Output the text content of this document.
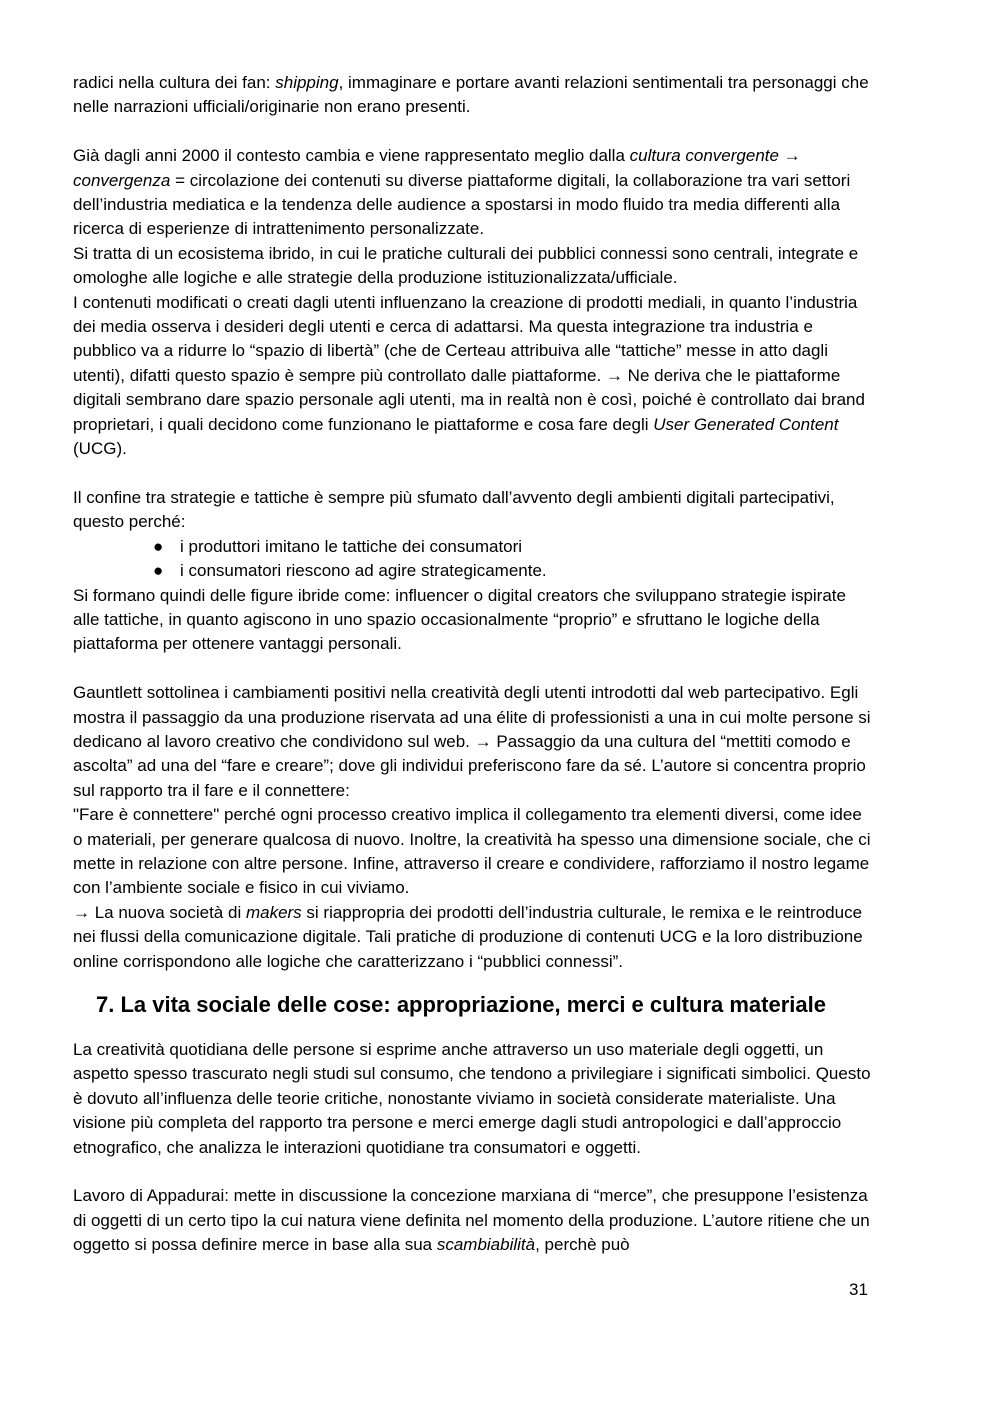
radici nella cultura dei fan: shipping, immaginare e portare avanti relazioni sentimentali tra personaggi che nelle narrazioni ufficiali/originarie non erano presenti.

Già dagli anni 2000 il contesto cambia e viene rappresentato meglio dalla cultura convergente → convergenza = circolazione dei contenuti su diverse piattaforme digitali, la collaborazione tra vari settori dell’industria mediatica e la tendenza delle audience a spostarsi in modo fluido tra media differenti alla ricerca di esperienze di intrattenimento personalizzate.

Si tratta di un ecosistema ibrido, in cui le pratiche culturali dei pubblici connessi sono centrali, integrate e omologhe alle logiche e alle strategie della produzione istituzionalizzata/ufficiale.

I contenuti modificati o creati dagli utenti influenzano la creazione di prodotti mediali, in quanto l’industria dei media osserva i desideri degli utenti e cerca di adattarsi. Ma questa integrazione tra industria e pubblico va a ridurre lo “spazio di libertà” (che de Certeau attribuiva alle “tattiche” messe in atto dagli utenti), difatti questo spazio è sempre più controllato dalle piattaforme. → Ne deriva che le piattaforme digitali sembrano dare spazio personale agli utenti, ma in realtà non è così, poiché è controllato dai brand proprietari, i quali decidono come funzionano le piattaforme e cosa fare degli User Generated Content (UCG).

Il confine tra strategie e tattiche è sempre più sfumato dall’avvento degli ambienti digitali partecipativi, questo perché:

● i produttori imitano le tattiche dei consumatori
● i consumatori riescono ad agire strategicamente.

Si formano quindi delle figure ibride come: influencer o digital creators che sviluppano strategie ispirate alle tattiche, in quanto agiscono in uno spazio occasionalmente “proprio” e sfruttano le logiche della piattaforma per ottenere vantaggi personali.

Gauntlett sottolinea i cambiamenti positivi nella creatività degli utenti introdotti dal web partecipativo. Egli mostra il passaggio da una produzione riservata ad una élite di professionisti a una in cui molte persone si dedicano al lavoro creativo che condividono sul web. → Passaggio da una cultura del “mettiti comodo e ascolta” ad una del “fare e creare”; dove gli individui preferiscono fare da sé. L’autore si concentra proprio sul rapporto tra il fare e il connettere:

"Fare è connettere" perché ogni processo creativo implica il collegamento tra elementi diversi, come idee o materiali, per generare qualcosa di nuovo. Inoltre, la creatività ha spesso una dimensione sociale, che ci mette in relazione con altre persone. Infine, attraverso il creare e condividere, rafforziamo il nostro legame con l’ambiente sociale e fisico in cui viviamo.

→ La nuova società di makers si riappropria dei prodotti dell’industria culturale, le remixa e le reintroduce nei flussi della comunicazione digitale. Tali pratiche di produzione di contenuti UCG e la loro distribuzione online corrispondono alle logiche che caratterizzano i “pubblici connessi”.

7. La vita sociale delle cose: appropriazione, merci e cultura materiale

La creatività quotidiana delle persone si esprime anche attraverso un uso materiale degli oggetti, un aspetto spesso trascurato negli studi sul consumo, che tendono a privilegiare i significati simbolici. Questo è dovuto all’influenza delle teorie critiche, nonostante viviamo in società considerate materialiste. Una visione più completa del rapporto tra persone e merci emerge dagli studi antropologici e dall’approccio etnografico, che analizza le interazioni quotidiane tra consumatori e oggetti.

Lavoro di Appadurai: mette in discussione la concezione marxiana di “merce”, che presuppone l’esistenza di oggetti di un certo tipo la cui natura viene definita nel momento della produzione. L’autore ritiene che un oggetto si possa definire merce in base alla sua scambiabilità, perchè può

31
